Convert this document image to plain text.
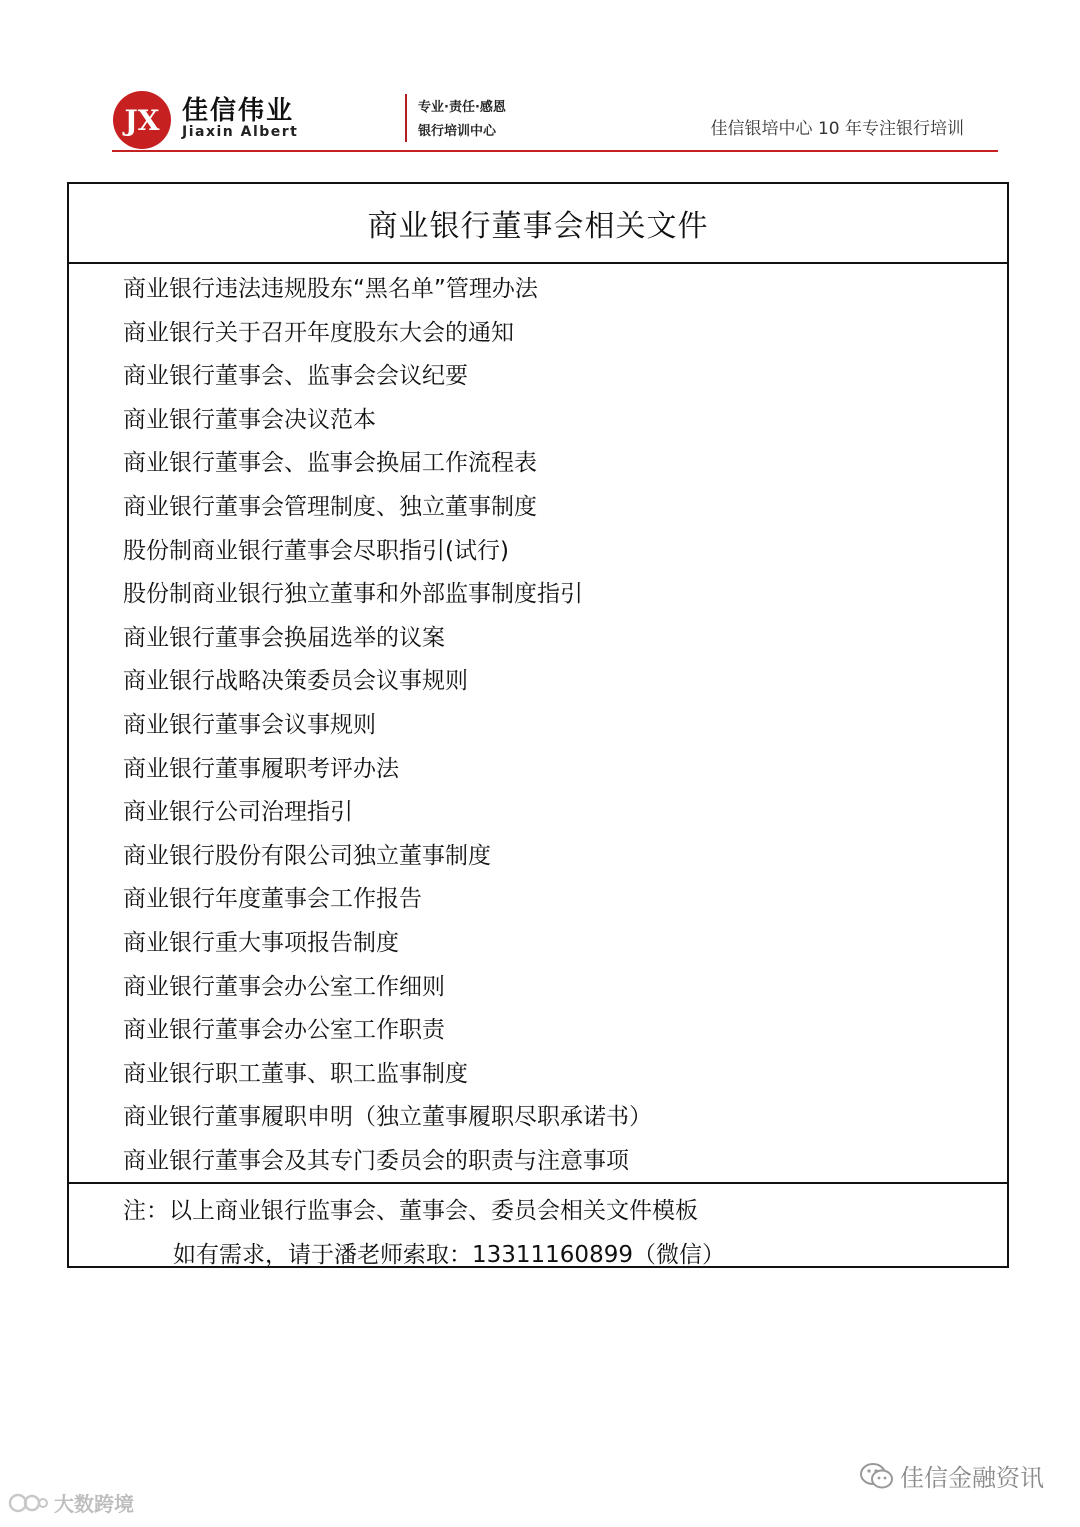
JX 佳信伟业
Jiaxin Albert
专业·责任·感恩
银行培训中心	佳信银培中心 10 年专注银行培训
商业银行董事会相关文件
商业银行违法违规股东“黑名单”管理办法
商业银行关于召开年度股东大会的通知
商业银行董事会、监事会会议纪要
商业银行董事会决议范本
商业银行董事会、监事会换届工作流程表
商业银行董事会管理制度、独立董事制度
股份制商业银行董事会尽职指引(试行)
股份制商业银行独立董事和外部监事制度指引
商业银行董事会换届选举的议案
商业银行战略决策委员会议事规则
商业银行董事会议事规则
商业银行董事履职考评办法
商业银行公司治理指引
商业银行股份有限公司独立董事制度
商业银行年度董事会工作报告
商业银行重大事项报告制度
商业银行董事会办公室工作细则
商业银行董事会办公室工作职责
商业银行职工董事、职工监事制度
商业银行董事履职申明（独立董事履职尽职承诺书）
商业银行董事会及其专门委员会的职责与注意事项
注：以上商业银行监事会、董事会、委员会相关文件模板
如有需求，请于潘老师索取：13311160899（微信）
佳信金融资讯
大数跨境
